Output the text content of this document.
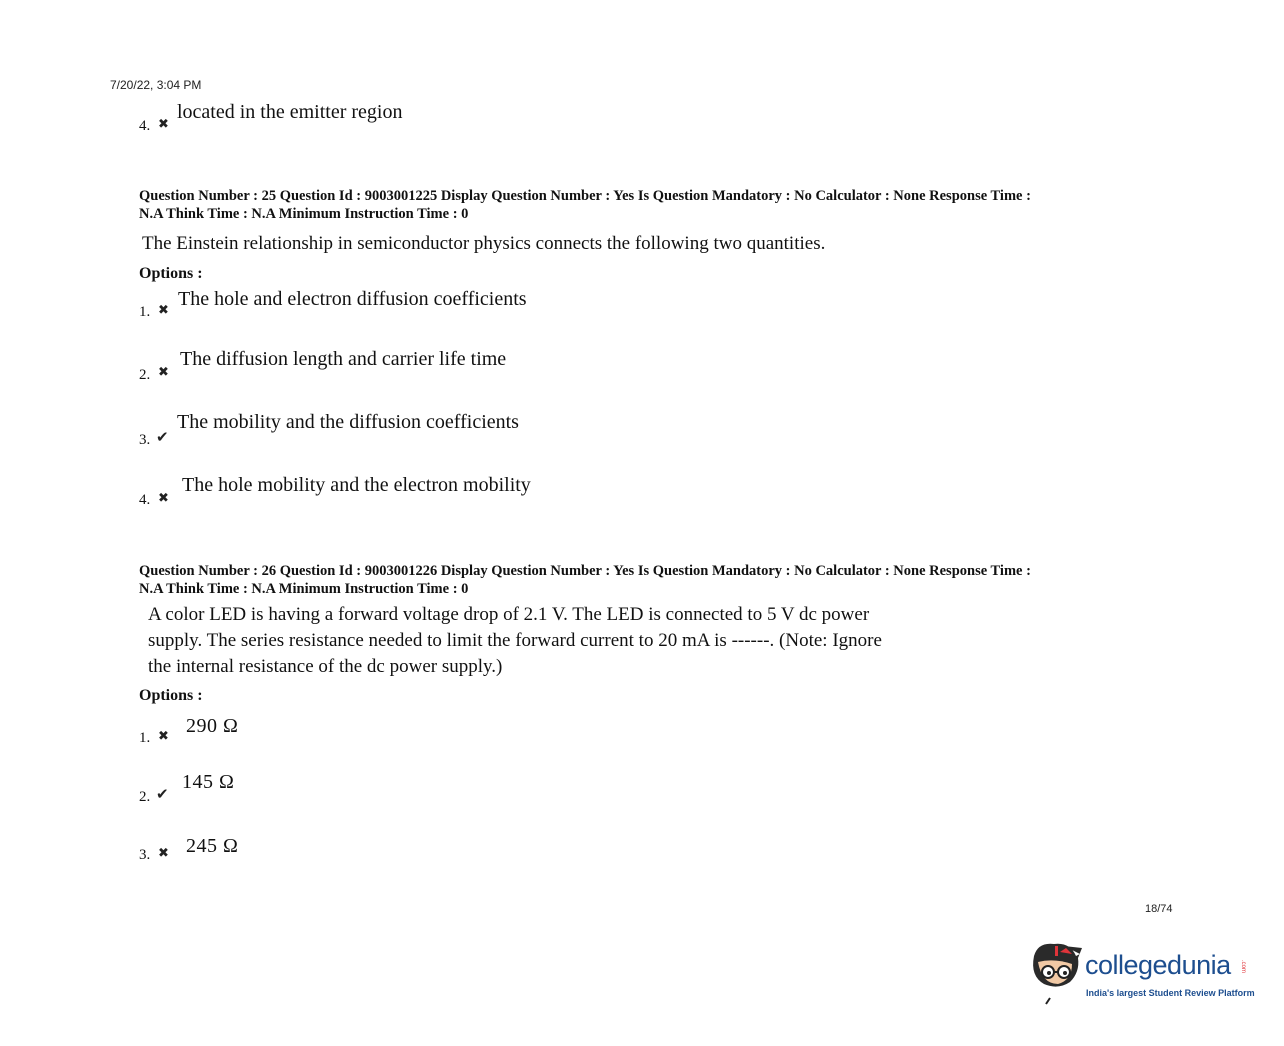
7/20/22, 3:04 PM
4. ✖
located in the emitter region
Question Number : 25 Question Id : 9003001225 Display Question Number : Yes Is Question Mandatory : No Calculator : None Response Time :
N.A Think Time : N.A Minimum Instruction Time : 0
The Einstein relationship in semiconductor physics connects the following two quantities.
Options :
1. ✖ The hole and electron diffusion coefficients
2. ✖
The diffusion length and carrier life time
3. ✔
The mobility and the diffusion coefficients
4. ✖
The hole mobility and the electron mobility
Question Number : 26 Question Id : 9003001226 Display Question Number : Yes Is Question Mandatory : No Calculator : None Response Time :
N.A Think Time : N.A Minimum Instruction Time : 0
A color LED is having a forward voltage drop of 2.1 V. The LED is connected to 5 V dc power
supply. The series resistance needed to limit the forward current to 20 mA is ------. (Note: Ignore
the internal resistance of the dc power supply.)
Options :
1. ✖ 290 Ω
2. ✔
145 Ω
3. ✖ 245 Ω
18/74
collegedunia .com
India's largest Student Review Platform
